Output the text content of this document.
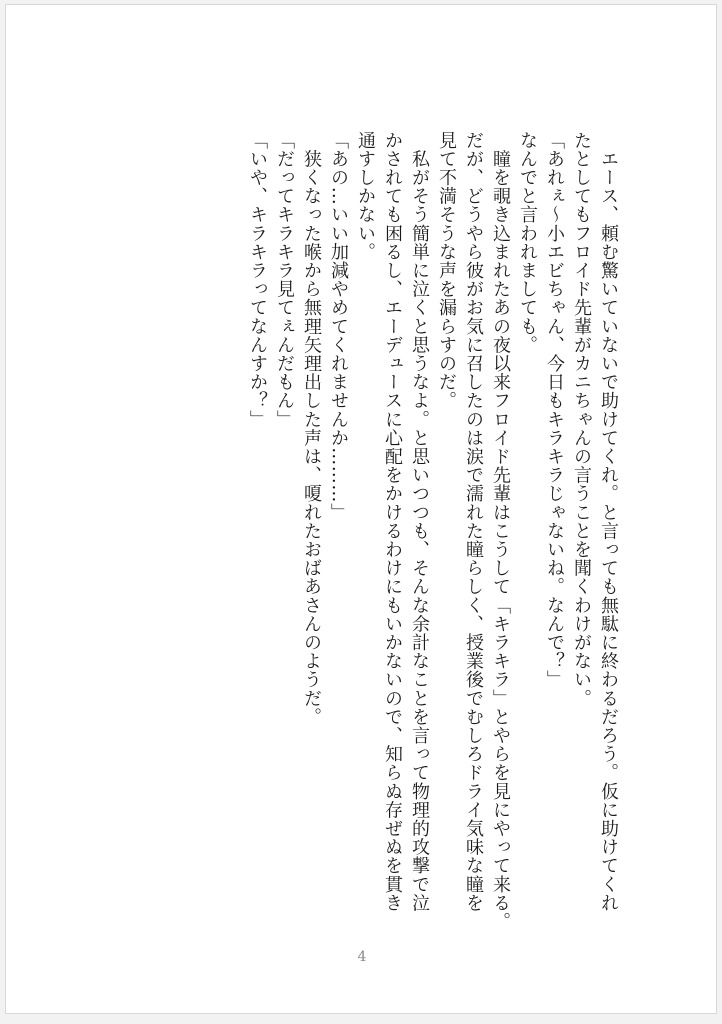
　エース、頼む驚いていないで助けてくれ。と言っても無駄に終わるだろう。仮に助けてくれ

たとしてもフロイド先輩がカニちゃんの言うことを聞くわけがない。

「あれぇ〜小エビちゃん、今日もキラキラじゃないね。なんで？」

なんでと言われましても。

　瞳を覗き込まれたあの夜以来フロイド先輩はこうして「キラキラ」とやらを見にやって来る。

だが、どうやら彼がお気に召したのは涙で濡れた瞳らしく、授業後でむしろドライ気味な瞳を

見て不満そうな声を漏らすのだ。

　私がそう簡単に泣くと思うなよ。と思いつつも、そんな余計なことを言って物理的攻撃で泣

かされても困るし、エーデュースに心配をかけるわけにもいかないので、知らぬ存ぜぬを貫き

通すしかない。

「あの…いい加減やめてくれませんか………」

　狭くなった喉から無理矢理出した声は、嗄れたおばあさんのようだ。

「だってキラキラ見てぇんだもん」

「いや、キラキラってなんすか？」

4
